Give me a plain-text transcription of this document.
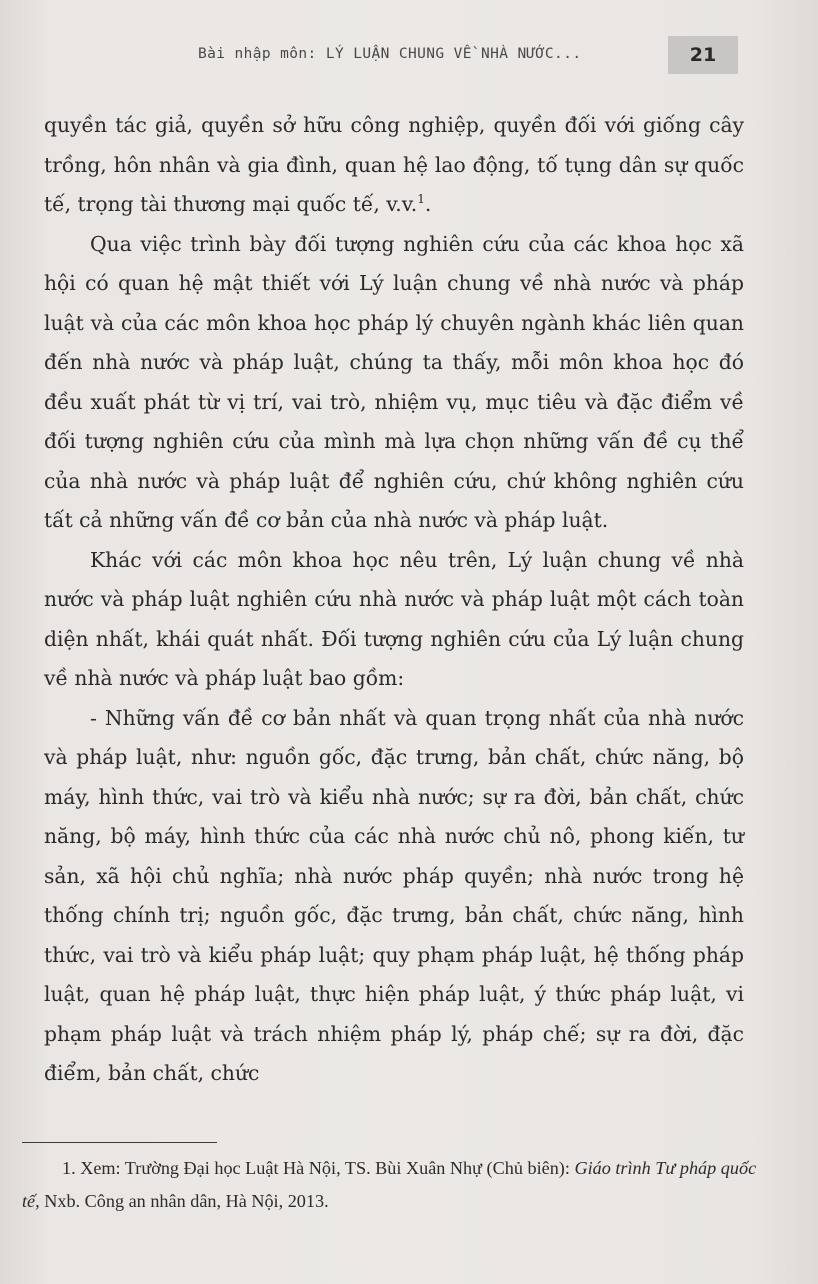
Bài nhập môn: LÝ LUẬN CHUNG VỀ NHÀ NƯỚC...	21

quyền tác giả, quyền sở hữu công nghiệp, quyền đối với giống cây trồng, hôn nhân và gia đình, quan hệ lao động, tố tụng dân sự quốc tế, trọng tài thương mại quốc tế, v.v.$^1$.

Qua việc trình bày đối tượng nghiên cứu của các khoa học xã hội có quan hệ mật thiết với Lý luận chung về nhà nước và pháp luật và của các môn khoa học pháp lý chuyên ngành khác liên quan đến nhà nước và pháp luật, chúng ta thấy, mỗi môn khoa học đó đều xuất phát từ vị trí, vai trò, nhiệm vụ, mục tiêu và đặc điểm về đối tượng nghiên cứu của mình mà lựa chọn những vấn đề cụ thể của nhà nước và pháp luật để nghiên cứu, chứ không nghiên cứu tất cả những vấn đề cơ bản của nhà nước và pháp luật.

Khác với các môn khoa học nêu trên, Lý luận chung về nhà nước và pháp luật nghiên cứu nhà nước và pháp luật một cách toàn diện nhất, khái quát nhất. Đối tượng nghiên cứu của Lý luận chung về nhà nước và pháp luật bao gồm:

- Những vấn đề cơ bản nhất và quan trọng nhất của nhà nước và pháp luật, như: nguồn gốc, đặc trưng, bản chất, chức năng, bộ máy, hình thức, vai trò và kiểu nhà nước; sự ra đời, bản chất, chức năng, bộ máy, hình thức của các nhà nước chủ nô, phong kiến, tư sản, xã hội chủ nghĩa; nhà nước pháp quyền; nhà nước trong hệ thống chính trị; nguồn gốc, đặc trưng, bản chất, chức năng, hình thức, vai trò và kiểu pháp luật; quy phạm pháp luật, hệ thống pháp luật, quan hệ pháp luật, thực hiện pháp luật, ý thức pháp luật, vi phạm pháp luật và trách nhiệm pháp lý, pháp chế; sự ra đời, đặc điểm, bản chất, chức

1. Xem: Trường Đại học Luật Hà Nội, TS. Bùi Xuân Nhự (Chủ biên): Giáo trình Tư pháp quốc tế, Nxb. Công an nhân dân, Hà Nội, 2013.
